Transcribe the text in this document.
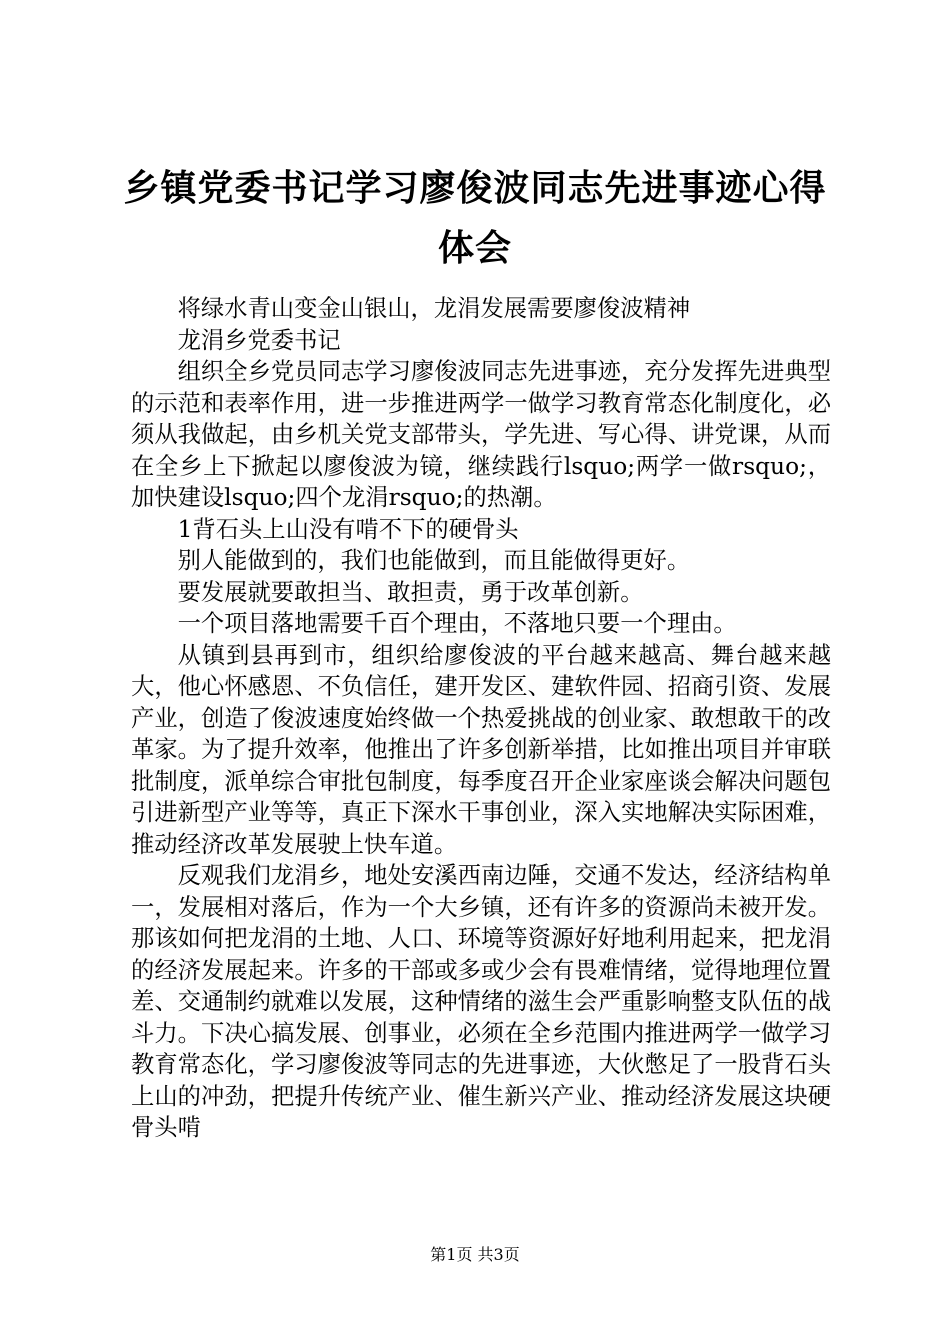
乡镇党委书记学习廖俊波同志先进事迹心得体会

将绿水青山变金山银山，龙涓发展需要廖俊波精神

龙涓乡党委书记

组织全乡党员同志学习廖俊波同志先进事迹，充分发挥先进典型的示范和表率作用，进一步推进两学一做学习教育常态化制度化，必须从我做起，由乡机关党支部带头，学先进、写心得、讲党课，从而在全乡上下掀起以廖俊波为镜，继续践行lsquo;两学一做rsquo;，加快建设lsquo;四个龙涓rsquo;的热潮。

1背石头上山没有啃不下的硬骨头

别人能做到的，我们也能做到，而且能做得更好。

要发展就要敢担当、敢担责，勇于改革创新。

一个项目落地需要千百个理由，不落地只要一个理由。

从镇到县再到市，组织给廖俊波的平台越来越高、舞台越来越大，他心怀感恩、不负信任，建开发区、建软件园、招商引资、发展产业，创造了俊波速度始终做一个热爱挑战的创业家、敢想敢干的改革家。为了提升效率，他推出了许多创新举措，比如推出项目并审联批制度，派单综合审批包制度，每季度召开企业家座谈会解决问题包引进新型产业等等，真正下深水干事创业，深入实地解决实际困难，推动经济改革发展驶上快车道。

反观我们龙涓乡，地处安溪西南边陲，交通不发达，经济结构单一，发展相对落后，作为一个大乡镇，还有许多的资源尚未被开发。那该如何把龙涓的土地、人口、环境等资源好好地利用起来，把龙涓的经济发展起来。许多的干部或多或少会有畏难情绪，觉得地理位置差、交通制约就难以发展，这种情绪的滋生会严重影响整支队伍的战斗力。下决心搞发展、创事业，必须在全乡范围内推进两学一做学习教育常态化，学习廖俊波等同志的先进事迹，大伙憋足了一股背石头上山的冲劲，把提升传统产业、催生新兴产业、推动经济发展这块硬骨头啃

第1页 共3页
